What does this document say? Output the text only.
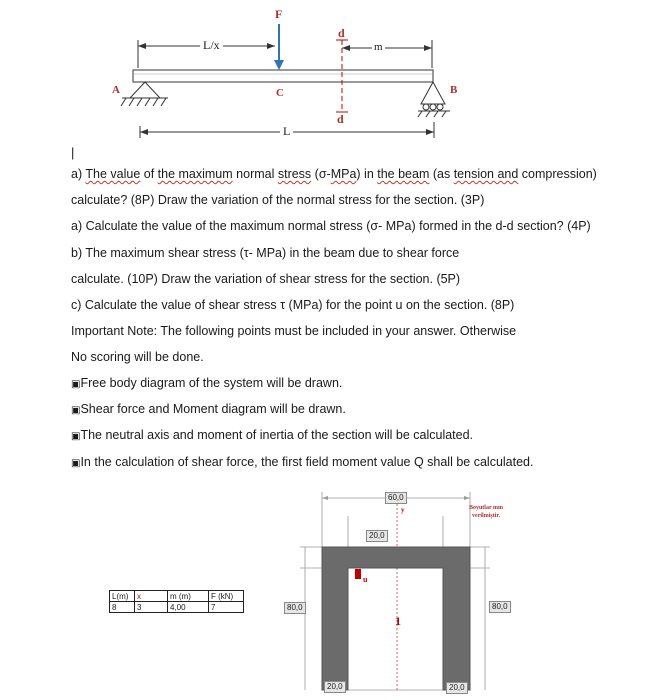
F
d
L/x	m
A	B
C
d
L
|
a) The value of the maximum normal stress (σ-MPa) in the beam (as tension and compression)
calculate? (8P) Draw the variation of the normal stress for the section. (3P)
a) Calculate the value of the maximum normal stress (σ- MPa) formed in the d-d section? (4P)
b) The maximum shear stress (τ- MPa) in the beam due to shear force
calculate. (10P) Draw the variation of shear stress for the section. (5P)
c) Calculate the value of shear stress τ (MPa) for the point u on the section. (8P)
Important Note: The following points must be included in your answer. Otherwise
No scoring will be done.
▣Free body diagram of the system will be drawn.
▣Shear force and Moment diagram will be drawn.
▣The neutral axis and moment of inertia of the section will be calculated.
▣In the calculation of shear force, the first field moment value Q shall be calculated.
L(m)	x	m (m)	F (kN)
8	3	4,00	7
60,0
20,0
80,0	80,0
20,0	20,0
u
1
y	Boyutlar mm verilmiştir.
